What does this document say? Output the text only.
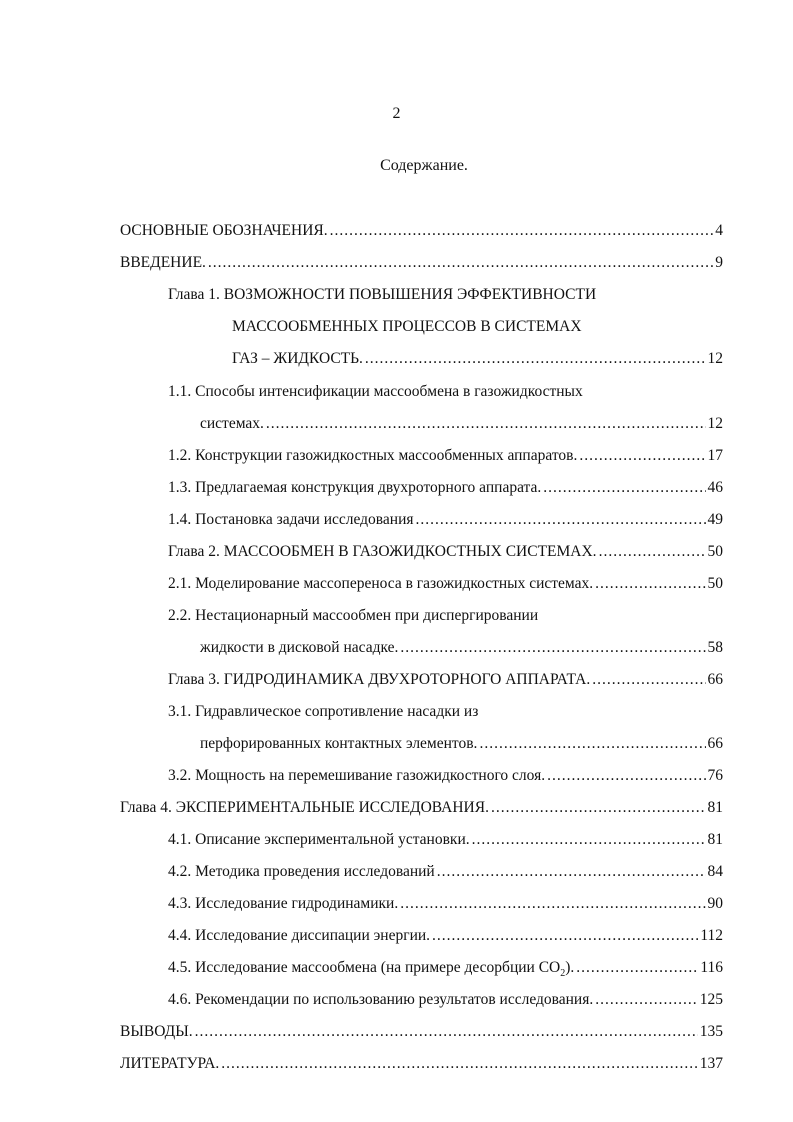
2
Содержание.
ОСНОВНЫЕ ОБОЗНАЧЕНИЯ. .....	4
ВВЕДЕНИЕ. .....	9
Глава 1. ВОЗМОЖНОСТИ ПОВЫШЕНИЯ ЭФФЕКТИВНОСТИ
МАССООБМЕННЫХ ПРОЦЕССОВ В СИСТЕМАХ
ГАЗ – ЖИДКОСТЬ. .....	12
1.1. Способы интенсификации массообмена в газожидкостных
системах. .....	12
1.2. Конструкции газожидкостных массообменных аппаратов. .....	17
1.3. Предлагаемая конструкция двухроторного аппарата. .....	46
1.4. Постановка задачи исследования .....	49
Глава 2. МАССООБМЕН В ГАЗОЖИДКОСТНЫХ СИСТЕМАХ. .....	50
2.1. Моделирование массопереноса в газожидкостных системах. .....	50
2.2. Нестационарный массообмен при диспергировании
жидкости в дисковой насадке. .....	58
Глава 3. ГИДРОДИНАМИКА ДВУХРОТОРНОГО АППАРАТА. .....	66
3.1. Гидравлическое сопротивление насадки из
перфорированных контактных элементов. .....	66
3.2. Мощность на перемешивание газожидкостного слоя. .....	76
Глава 4. ЭКСПЕРИМЕНТАЛЬНЫЕ ИССЛЕДОВАНИЯ. .....	81
4.1. Описание экспериментальной установки. .....	81
4.2. Методика проведения исследований .....	84
4.3. Исследование гидродинамики. .....	90
4.4. Исследование диссипации энергии. .....	112
4.5. Исследование массообмена (на примере десорбции $CO_2$). .....	116
4.6. Рекомендации по использованию результатов исследования. .....	125
ВЫВОДЫ. .....	135
ЛИТЕРАТУРА. .....	137
